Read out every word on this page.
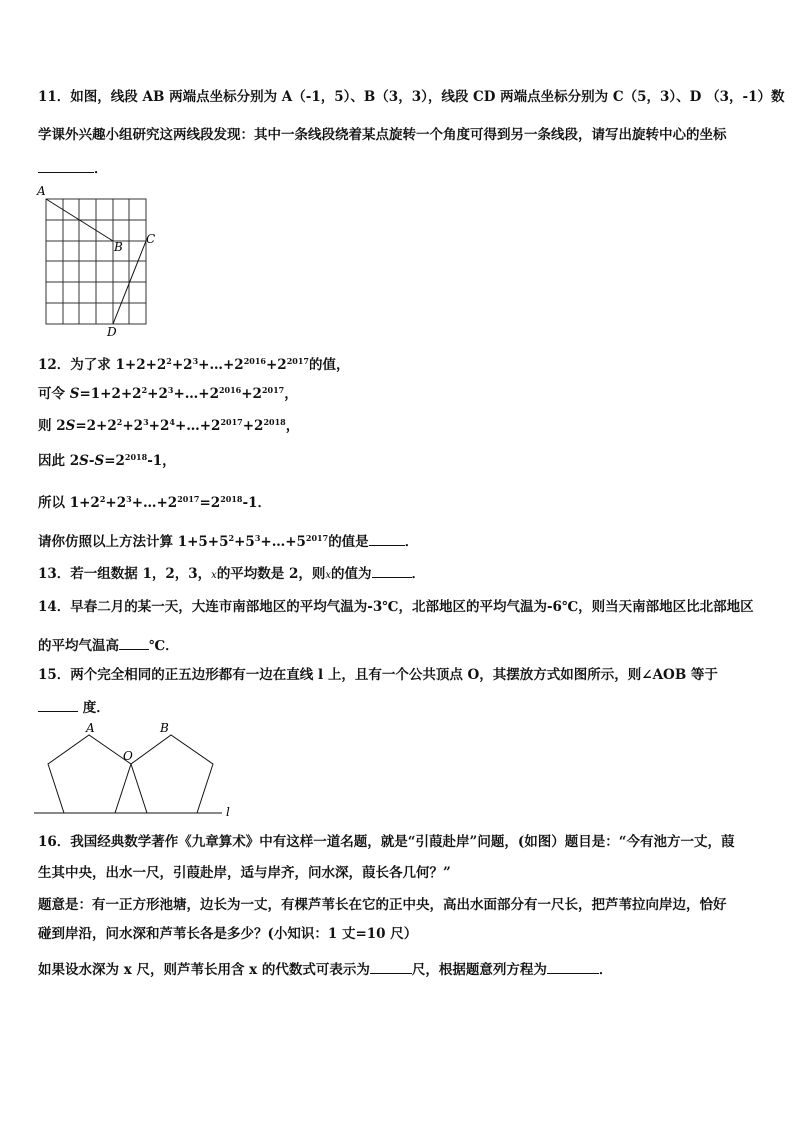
11．如图，线段 AB 两端点坐标分别为 A（-1，5）、B（3，3），线段 CD 两端点坐标分别为 C（5，3）、D （3，-1）数
学课外兴趣小组研究这两线段发现：其中一条线段绕着某点旋转一个角度可得到另一条线段，请写出旋转中心的坐标
．
A
B
C
D
12．为了求 $1+2+2^2+2^3+\dots+2^{2016}+2^{2017}$的值，
可令 $S=1+2+2^2+2^3+\dots+2^{2016}+2^{2017}$，
则 $2S=2+2^2+2^3+2^4+\dots+2^{2017}+2^{2018}$，
因此 $2S-S=2^{2018}-1$，
所以 $1+2^2+2^3+\dots+2^{2017}=2^{2018}-1$．
请你仿照以上方法计算 $1+5+5^2+5^3+\dots+5^{2017}$的值是	．
13．若一组数据 1，2，3，x的平均数是 2，则x的值为	．
14．早春二月的某一天，大连市南部地区的平均气温为-3℃，北部地区的平均气温为-6℃，则当天南部地区比北部地区
的平均气温高 ℃．
15．两个完全相同的正五边形都有一边在直线 l 上，且有一个公共顶点 O，其摆放方式如图所示，则∠AOB 等于
度．
A	B
O
l
16．我国经典数学著作《九章算术》中有这样一道名题，就是“引葭赴岸”问题，(如图）题目是：“今有池方一丈，葭
生其中央，出水一尺，引葭赴岸，适与岸齐，问水深，葭长各几何？”
题意是：有一正方形池塘，边长为一丈，有棵芦苇长在它的正中央，高出水面部分有一尺长，把芦苇拉向岸边，恰好
碰到岸沿，问水深和芦苇长各是多少？(小知识：1 丈=10 尺）
如果设水深为 x 尺，则芦苇长用含 x 的代数式可表示为	尺，根据题意列方程为	．
